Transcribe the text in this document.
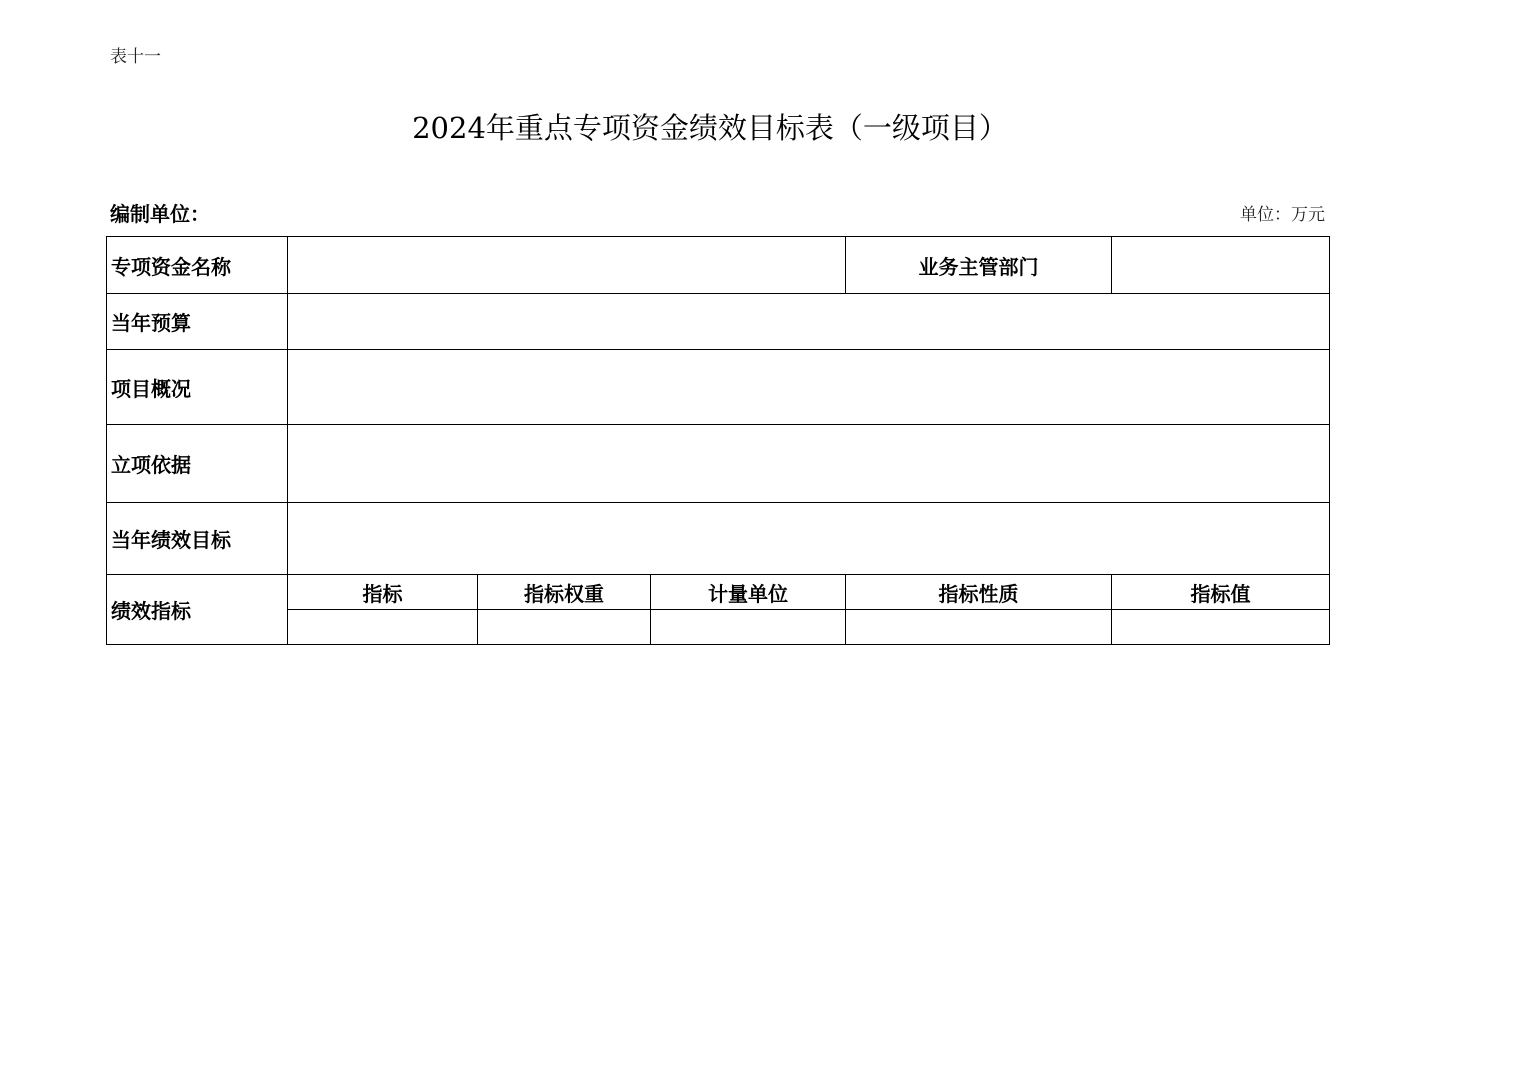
表十一
2024年重点专项资金绩效目标表（一级项目）
编制单位：	单位：万元
专项资金名称				业务主管部门	
当年预算					
项目概况					
立项依据					
当年绩效目标					
绩效指标	指标	指标权重	计量单位	指标性质	指标值
